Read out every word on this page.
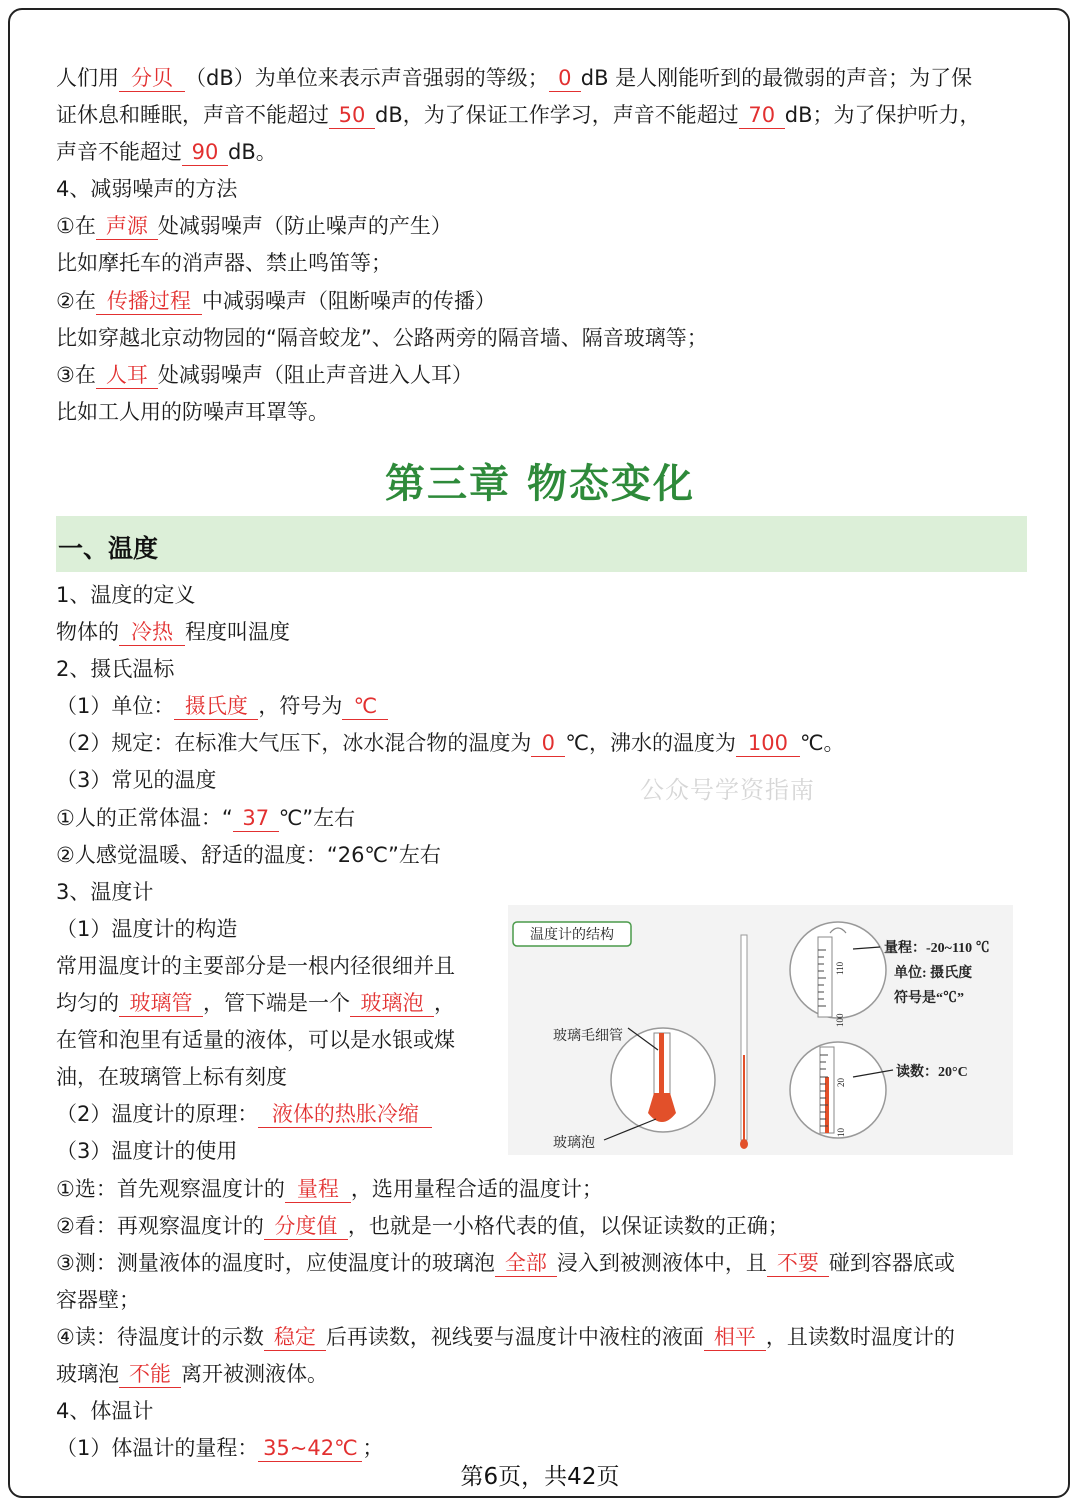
人们用 分贝 （dB）为单位来表示声音强弱的等级； 0 dB 是人刚能听到的最微弱的声音；为了保
证休息和睡眠，声音不能超过 50 dB，为了保证工作学习，声音不能超过 70 dB；为了保护听力，
声音不能超过 90 dB。
4、减弱噪声的方法
①在 声源 处减弱噪声（防止噪声的产生）
比如摩托车的消声器、禁止鸣笛等；
②在 传播过程 中减弱噪声（阻断噪声的传播）
比如穿越北京动物园的“隔音蛟龙”、公路两旁的隔音墙、隔音玻璃等；
③在 人耳 处减弱噪声（阻止声音进入人耳）
比如工人用的防噪声耳罩等。
第三章 物态变化
一、温度
1、温度的定义
物体的 冷热 程度叫温度
2、摄氏温标
（1）单位： 摄氏度 ，符号为 ℃
（2）规定：在标准大气压下，冰水混合物的温度为 0 ℃，沸水的温度为 100 ℃。
（3）常见的温度
①人的正常体温：“ 37 ℃”左右
②人感觉温暖、舒适的温度：“26℃”左右
3、温度计
（1）温度计的构造
常用温度计的主要部分是一根内径很细并且
均匀的 玻璃管 ，管下端是一个 玻璃泡 ，
在管和泡里有适量的液体，可以是水银或煤
油，在玻璃管上标有刻度
（2）温度计的原理： 液体的热胀冷缩
（3）温度计的使用
①选：首先观察温度计的 量程 ，选用量程合适的温度计；
②看：再观察温度计的 分度值 ，也就是一小格代表的值，以保证读数的正确；
③测：测量液体的温度时，应使温度计的玻璃泡 全部 浸入到被测液体中，且 不要 碰到容器底或
容器壁；
④读：待温度计的示数 稳定 后再读数，视线要与温度计中液柱的液面 相平 ，且读数时温度计的
玻璃泡 不能 离开被测液体。
4、体温计
（1）体温计的量程： 35~42℃ ；
公众号学资指南
温度计的结构
玻璃毛细管
玻璃泡
110
100
量程：-20~110 ℃
单位: 摄氏度
符号是“℃”
20
10
读数：20°C
第6页，共42页
